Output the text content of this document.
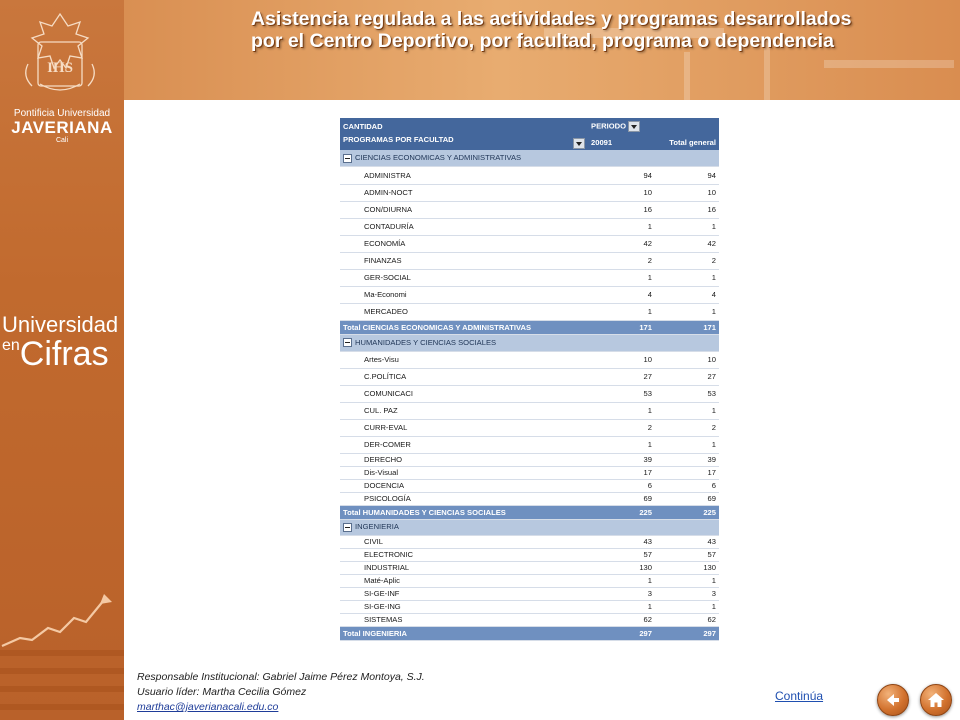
IHS
Pontificia Universidad
JAVERIANA
Cali
Universidad
enCifras
Asistencia regulada a las actividades y programas desarrollados
por el Centro Deportivo, por facultad, programa o dependencia
CANTIDAD	PERIODO	

PROGRAMAS POR FACULTAD	20091	Total general
CIENCIAS ECONOMICAS Y ADMINISTRATIVAS		
ADMINISTRA	94	94
ADMIN-NOCT	10	10
CON/DIURNA	16	16
CONTADURÍA	1	1
ECONOMÍA	42	42
FINANZAS	2	2
GER-SOCIAL	1	1
Ma-Economi	4	4
MERCADEO	1	1
Total CIENCIAS ECONOMICAS Y ADMINISTRATIVAS	171	171
HUMANIDADES Y CIENCIAS SOCIALES		
Artes-Visu	10	10
C.POLÍTICA	27	27
COMUNICACI	53	53
CUL. PAZ	1	1
CURR-EVAL	2	2
DER-COMER	1	1
DERECHO	39	39
Dis-Visual	17	17
DOCENCIA	6	6
PSICOLOGÍA	69	69
Total HUMANIDADES Y CIENCIAS SOCIALES	225	225
INGENIERIA		
CIVIL	43	43
ELECTRONIC	57	57
INDUSTRIAL	130	130
Maté-Aplic	1	1
SI-GE-INF	3	3
SI-GE-ING	1	1
SISTEMAS	62	62
Total INGENIERIA	297	297
Responsable Institucional: Gabriel Jaime Pérez Montoya, S.J.
Usuario líder: Martha Cecilia Gómez
marthac@javerianacali.edu.co
Continúa
